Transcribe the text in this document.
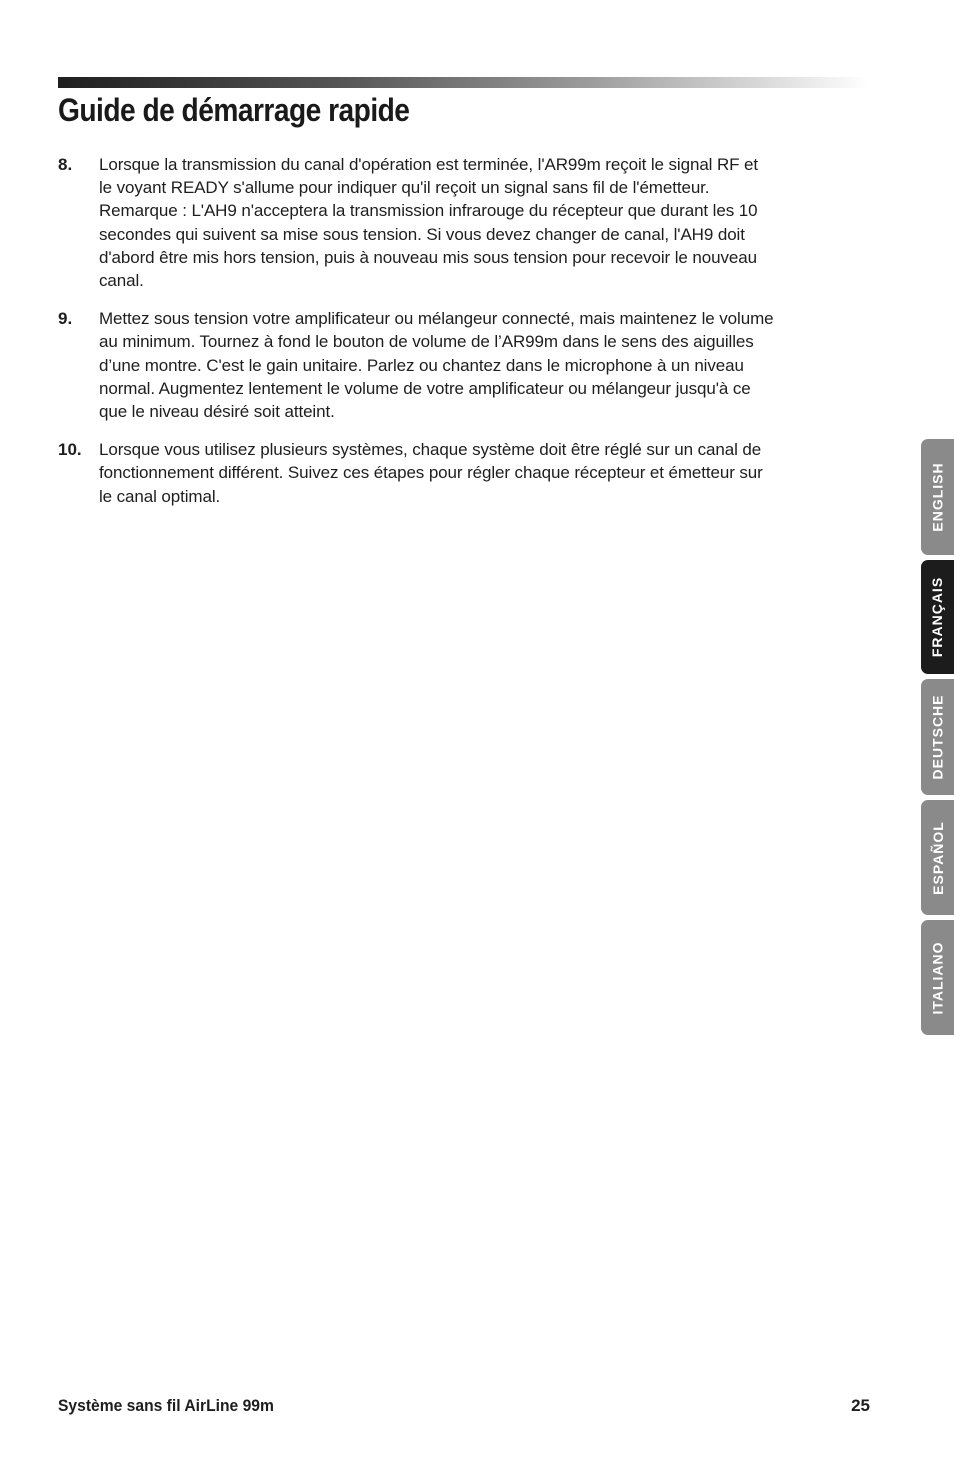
Guide de démarrage rapide
8. Lorsque la transmission du canal d'opération est terminée, l'AR99m reçoit le signal RF et
le voyant READY s'allume pour indiquer qu'il reçoit un signal sans fil de l'émetteur.
Remarque : L'AH9 n'acceptera la transmission infrarouge du récepteur que durant les 10
secondes qui suivent sa mise sous tension. Si vous devez changer de canal, l'AH9 doit
d'abord être mis hors tension, puis à nouveau mis sous tension pour recevoir le nouveau
canal.
9. Mettez sous tension votre amplificateur ou mélangeur connecté, mais maintenez le volume
au minimum. Tournez à fond le bouton de volume de l’AR99m dans le sens des aiguilles
d’une montre. C'est le gain unitaire. Parlez ou chantez dans le microphone à un niveau
normal. Augmentez lentement le volume de votre amplificateur ou mélangeur jusqu'à ce
que le niveau désiré soit atteint.
10. Lorsque vous utilisez plusieurs systèmes, chaque système doit être réglé sur un canal de
fonctionnement différent. Suivez ces étapes pour régler chaque récepteur et émetteur sur
le canal optimal.	ENGLISH
FRANÇAIS
DEUTSCHE
ESPAÑOL
ITALIANO
Système sans fil AirLine 99m	25
